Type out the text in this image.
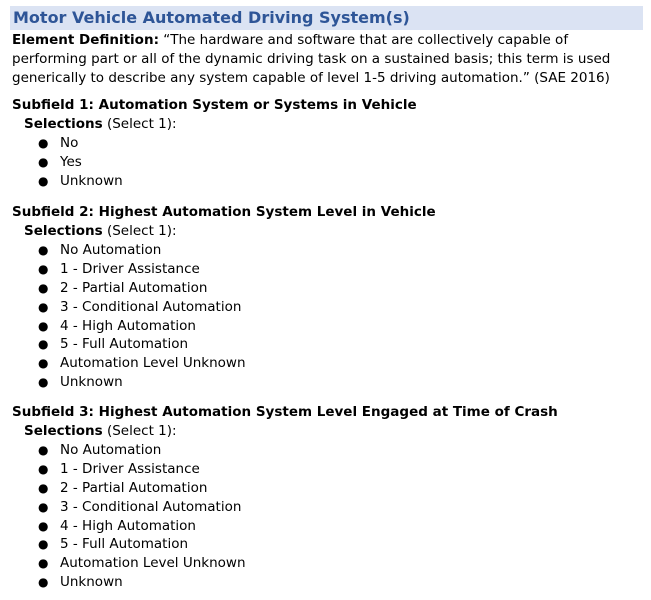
Motor Vehicle Automated Driving System(s)
Element Definition: “The hardware and software that are collectively capable of performing part or all of the dynamic driving task on a sustained basis; this term is used generically to describe any system capable of level 1-5 driving automation.” (SAE 2016)
Subfield 1: Automation System or Systems in Vehicle
Selections (Select 1):
● No
● Yes
● Unknown
Subfield 2: Highest Automation System Level in Vehicle
Selections (Select 1):
● No Automation
● 1 - Driver Assistance
● 2 - Partial Automation
● 3 - Conditional Automation
● 4 - High Automation
● 5 - Full Automation
● Automation Level Unknown
● Unknown
Subfield 3: Highest Automation System Level Engaged at Time of Crash
Selections (Select 1):
● No Automation
● 1 - Driver Assistance
● 2 - Partial Automation
● 3 - Conditional Automation
● 4 - High Automation
● 5 - Full Automation
● Automation Level Unknown
● Unknown
